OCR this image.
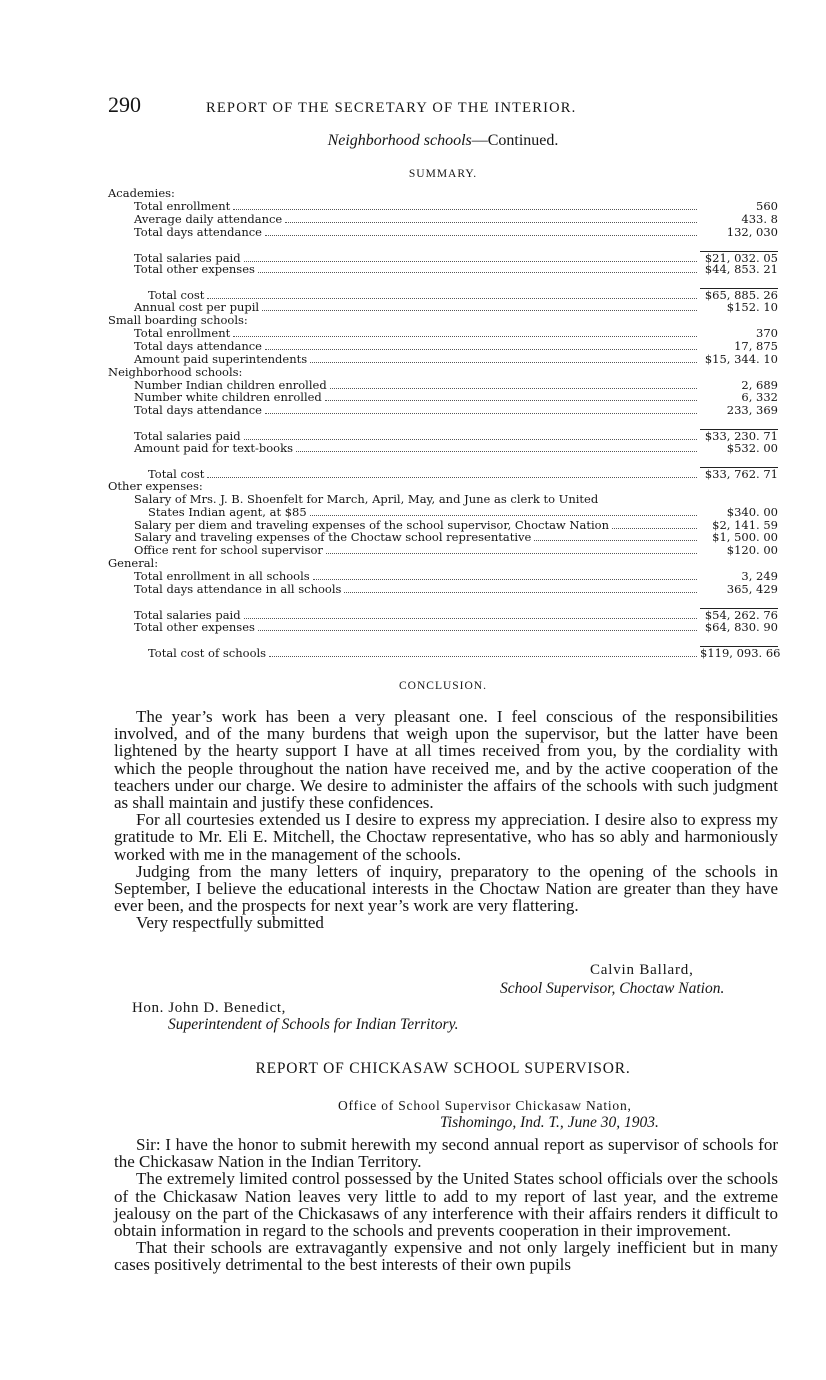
290	REPORT OF THE SECRETARY OF THE INTERIOR.
Neighborhood schools—Continued.
SUMMARY.
Academies:
Total enrollment	560
Average daily attendance	433. 8
Total days attendance	132, 030
Total salaries paid	$21, 032. 05
Total other expenses	$44, 853. 21
Total cost	$65, 885. 26
Annual cost per pupil	$152. 10
Small boarding schools:
Total enrollment	370
Total days attendance	17, 875
Amount paid superintendents	$15, 344. 10
Neighborhood schools:
Number Indian children enrolled	2, 689
Number white children enrolled	6, 332
Total days attendance	233, 369
Total salaries paid	$33, 230. 71
Amount paid for text-books	$532. 00
Total cost	$33, 762. 71
Other expenses:
Salary of Mrs. J. B. Shoenfelt for March, April, May, and June as clerk to United
States Indian agent, at $85	$340. 00
Salary per diem and traveling expenses of the school supervisor, Choctaw Nation	$2, 141. 59
Salary and traveling expenses of the Choctaw school representative	$1, 500. 00
Office rent for school supervisor	$120. 00
General:
Total enrollment in all schools	3, 249
Total days attendance in all schools	365, 429
Total salaries paid	$54, 262. 76
Total other expenses	$64, 830. 90
Total cost of schools	$119, 093. 66
CONCLUSION.

The year’s work has been a very pleasant one. I feel conscious of the responsibilities involved, and of the many burdens that weigh upon the supervisor, but the latter have been lightened by the hearty support I have at all times received from you, by the cordiality with which the people throughout the nation have received me, and by the active cooperation of the teachers under our charge. We desire to administer the affairs of the schools with such judgment as shall maintain and justify these confidences.

For all courtesies extended us I desire to express my appreciation. I desire also to express my gratitude to Mr. Eli E. Mitchell, the Choctaw representative, who has so ably and harmoniously worked with me in the management of the schools.

Judging from the many letters of inquiry, preparatory to the opening of the schools in September, I believe the educational interests in the Choctaw Nation are greater than they have ever been, and the prospects for next year’s work are very flattering.

Very respectfully submitted

Calvin Ballard,
School Supervisor, Choctaw Nation.
Hon. John D. Benedict,
Superintendent of Schools for Indian Territory.
REPORT OF CHICKASAW SCHOOL SUPERVISOR.
Office of School Supervisor Chickasaw Nation,
Tishomingo, Ind. T., June 30, 1903.

Sir: I have the honor to submit herewith my second annual report as supervisor of schools for the Chickasaw Nation in the Indian Territory.

The extremely limited control possessed by the United States school officials over the schools of the Chickasaw Nation leaves very little to add to my report of last year, and the extreme jealousy on the part of the Chickasaws of any interference with their affairs renders it difficult to obtain information in regard to the schools and prevents cooperation in their improvement.

That their schools are extravagantly expensive and not only largely inefficient but in many cases positively detrimental to the best interests of their own pupils
